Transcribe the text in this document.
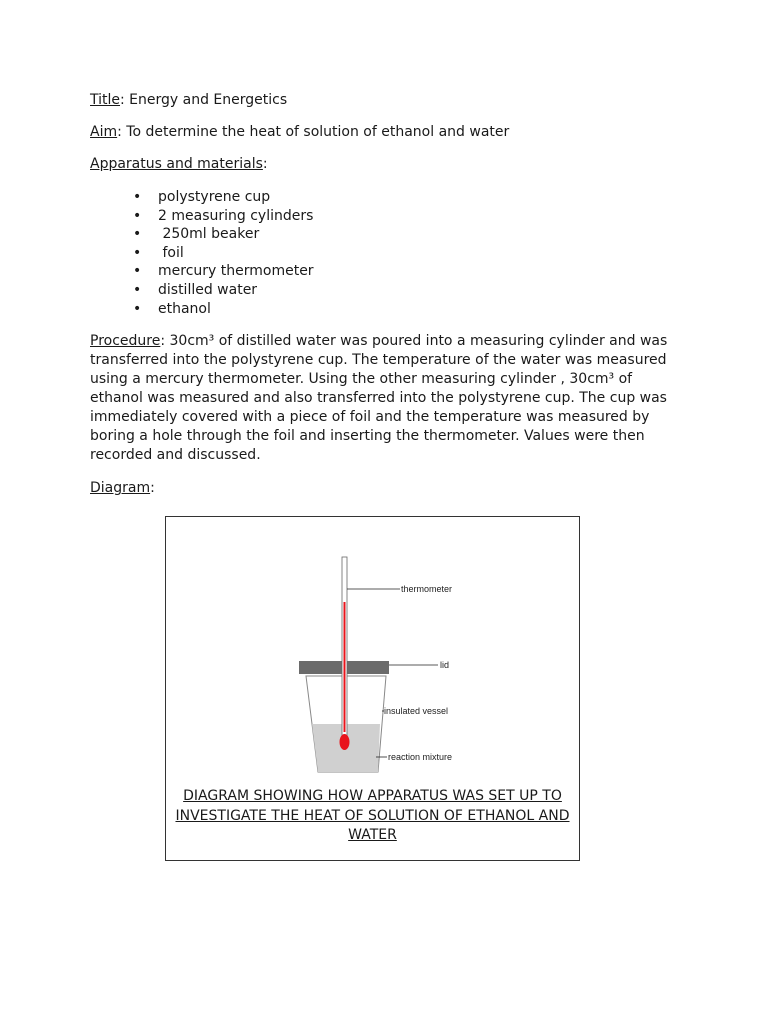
Title: Energy and Energetics
Aim: To determine the heat of solution of ethanol and water
Apparatus and materials:
• polystyrene cup
• 2 measuring cylinders
•  250ml beaker
•  foil
• mercury thermometer
• distilled water
• ethanol

Procedure: 30cm³ of distilled water was poured into a measuring cylinder and was transferred into the polystyrene cup. The temperature of the water was measured using a mercury thermometer. Using the other measuring cylinder , 30cm³ of ethanol was measured and also transferred into the polystyrene cup. The cup was immediately covered with a piece of foil and the temperature was measured by boring a hole through the foil and inserting the thermometer. Values were then recorded and discussed.

Diagram:
thermometer
lid
insulated vessel
reaction mixture
DIAGRAM SHOWING HOW APPARATUS WAS SET UP TO
INVESTIGATE THE HEAT OF SOLUTION OF ETHANOL AND
WATER
